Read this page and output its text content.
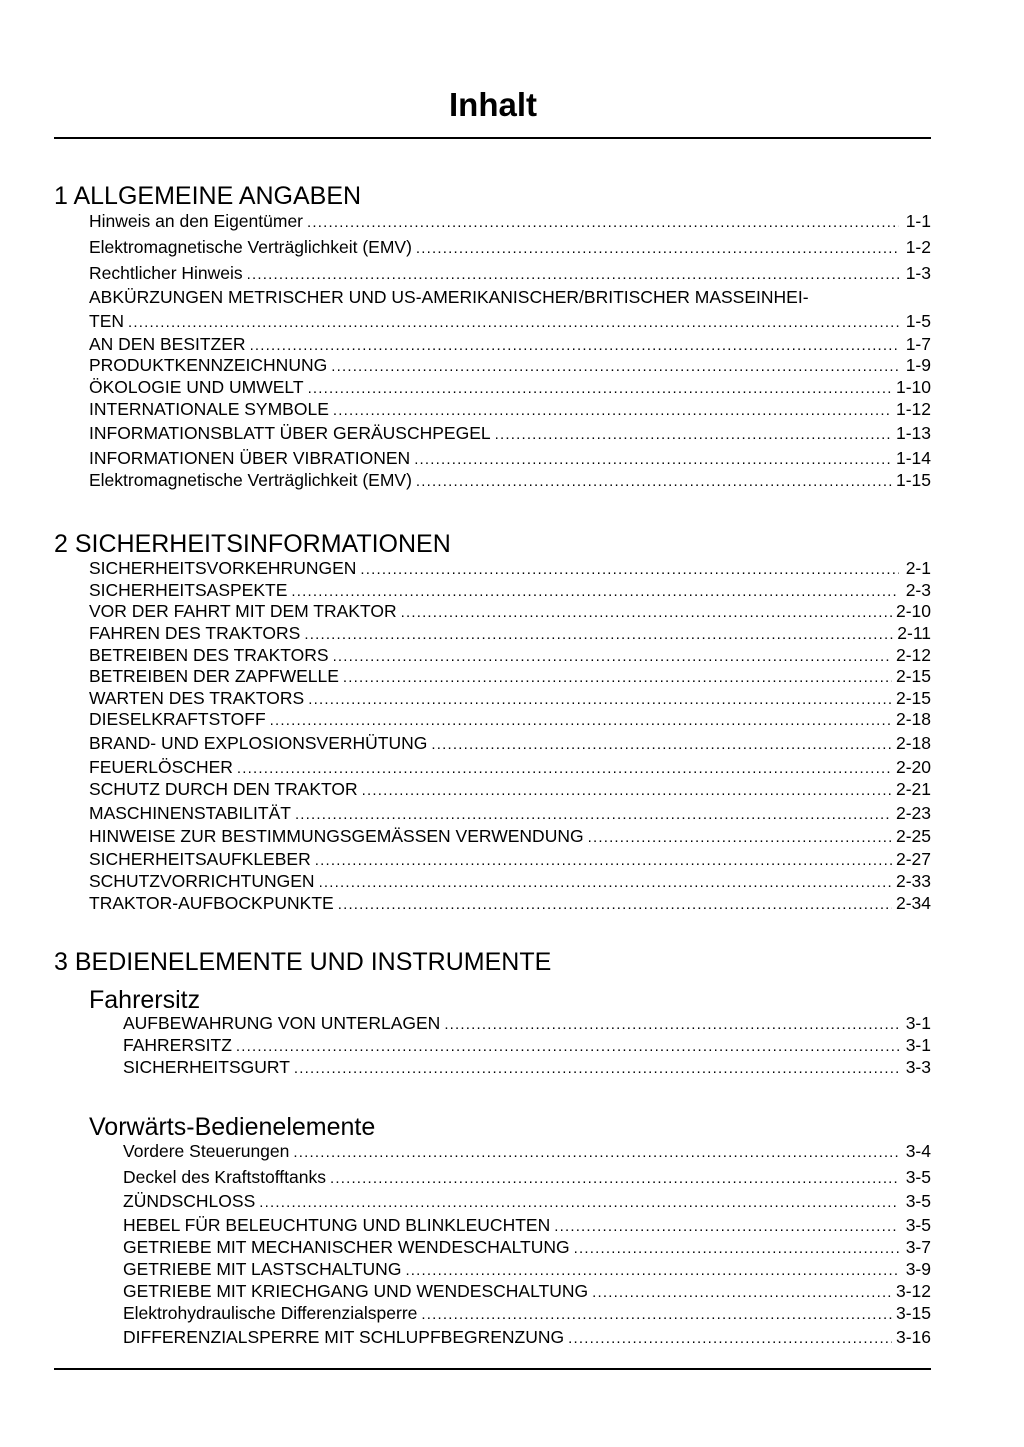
Inhalt
1 ALLGEMEINE ANGABEN
Hinweis an den Eigentümer .....	1-1
Elektromagnetische Verträglichkeit (EMV) .....	1-2
Rechtlicher Hinweis .....	1-3
ABKÜRZUNGEN METRISCHER UND US-AMERIKANISCHER/BRITISCHER MASSEINHEI-
TEN .....	1-5
AN DEN BESITZER .....	1-7
PRODUKTKENNZEICHNUNG .....	1-9
ÖKOLOGIE UND UMWELT .....	1-10
INTERNATIONALE SYMBOLE .....	1-12
INFORMATIONSBLATT ÜBER GERÄUSCHPEGEL .....	1-13
INFORMATIONEN ÜBER VIBRATIONEN .....	1-14
Elektromagnetische Verträglichkeit (EMV) .....	1-15
2 SICHERHEITSINFORMATIONEN
SICHERHEITSVORKEHRUNGEN .....	2-1
SICHERHEITSASPEKTE .....	2-3
VOR DER FAHRT MIT DEM TRAKTOR .....	2-10
FAHREN DES TRAKTORS .....	2-11
BETREIBEN DES TRAKTORS .....	2-12
BETREIBEN DER ZAPFWELLE .....	2-15
WARTEN DES TRAKTORS .....	2-15
DIESELKRAFTSTOFF .....	2-18
BRAND- UND EXPLOSIONSVERHÜTUNG .....	2-18
FEUERLÖSCHER .....	2-20
SCHUTZ DURCH DEN TRAKTOR .....	2-21
MASCHINENSTABILITÄT .....	2-23
HINWEISE ZUR BESTIMMUNGSGEMÄSSEN VERWENDUNG .....	2-25
SICHERHEITSAUFKLEBER .....	2-27
SCHUTZVORRICHTUNGEN .....	2-33
TRAKTOR-AUFBOCKPUNKTE .....	2-34
3 BEDIENELEMENTE UND INSTRUMENTE
Fahrersitz
AUFBEWAHRUNG VON UNTERLAGEN .....	3-1
FAHRERSITZ .....	3-1
SICHERHEITSGURT .....	3-3
Vorwärts-Bedienelemente
Vordere Steuerungen .....	3-4
Deckel des Kraftstofftanks .....	3-5
ZÜNDSCHLOSS .....	3-5
HEBEL FÜR BELEUCHTUNG UND BLINKLEUCHTEN .....	3-5
GETRIEBE MIT MECHANISCHER WENDESCHALTUNG .....	3-7
GETRIEBE MIT LASTSCHALTUNG .....	3-9
GETRIEBE MIT KRIECHGANG UND WENDESCHALTUNG .....	3-12
Elektrohydraulische Differenzialsperre .....	3-15
DIFFERENZIALSPERRE MIT SCHLUPFBEGRENZUNG .....	3-16
